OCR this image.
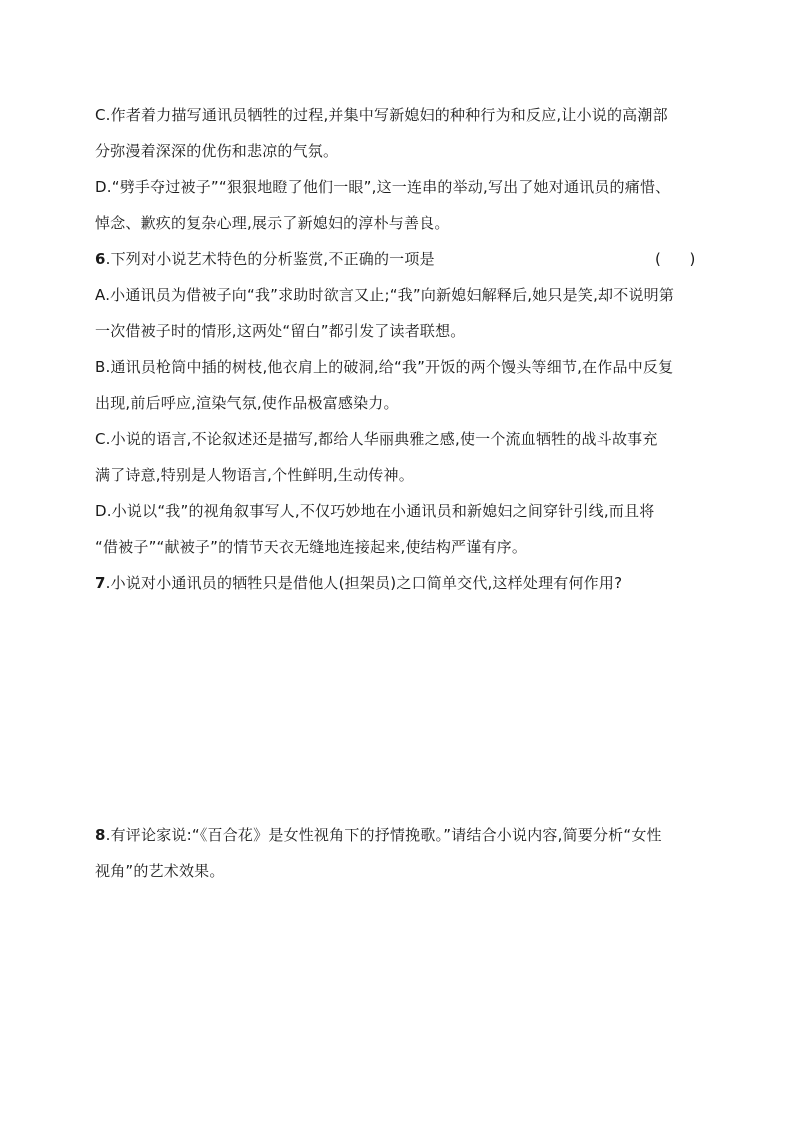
C.作者着力描写通讯员牺牲的过程,并集中写新媳妇的种种行为和反应,让小说的高潮部
分弥漫着深深的优伤和悲凉的气氛。
D.“劈手夺过被子”“狠狠地瞪了他们一眼”,这一连串的举动,写出了她对通讯员的痛惜、
悼念、歉疚的复杂心理,展示了新媳妇的淳朴与善良。
6.下列对小说艺术特色的分析鉴赏,不正确的一项是	(      )
A.小通讯员为借被子向“我”求助时欲言又止;“我”向新媳妇解释后,她只是笑,却不说明第
一次借被子时的情形,这两处“留白”都引发了读者联想。
B.通讯员枪筒中插的树枝,他衣肩上的破洞,给“我”开饭的两个馒头等细节,在作品中反复
出现,前后呼应,渲染气氛,使作品极富感染力。
C.小说的语言,不论叙述还是描写,都给人华丽典雅之感,使一个流血牺牲的战斗故事充
满了诗意,特别是人物语言,个性鲜明,生动传神。
D.小说以“我”的视角叙事写人,不仅巧妙地在小通讯员和新媳妇之间穿针引线,而且将
“借被子”“献被子”的情节天衣无缝地连接起来,使结构严谨有序。
7.小说对小通讯员的牺牲只是借他人(担架员)之口简单交代,这样处理有何作用?
8.有评论家说:“《百合花》是女性视角下的抒情挽歌。”请结合小说内容,简要分析“女性
视角”的艺术效果。
